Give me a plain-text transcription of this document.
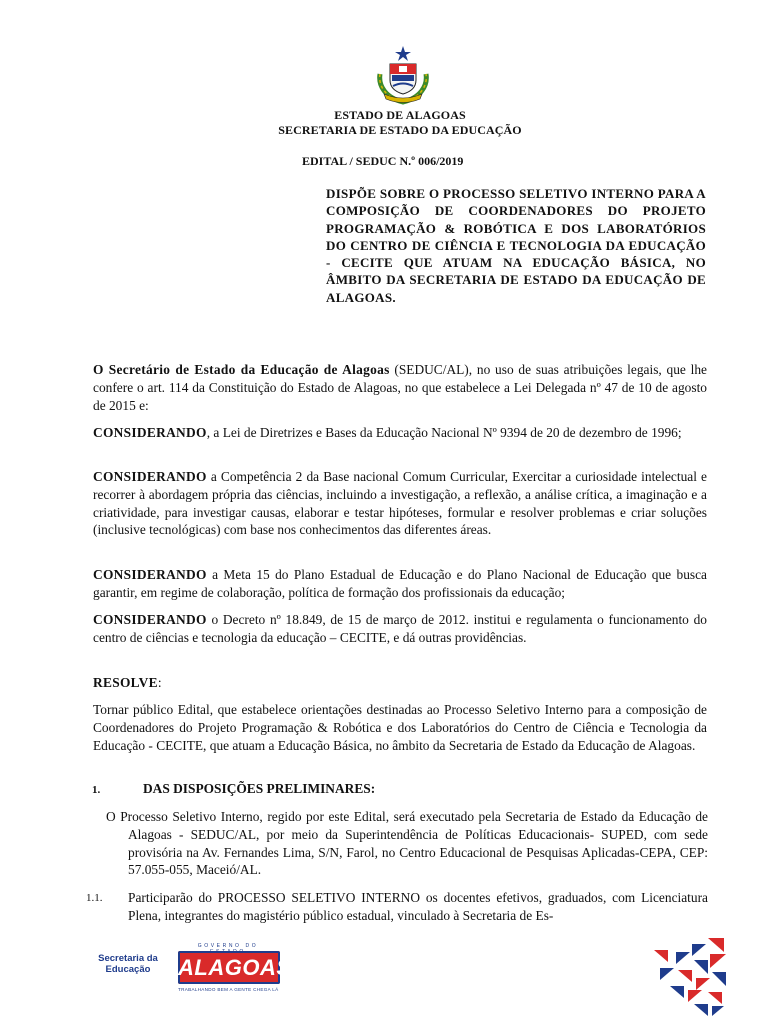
ESTADO DE ALAGOAS
SECRETARIA DE ESTADO DA EDUCAÇÃO
EDITAL / SEDUC N.º 006/2019
DISPÕE SOBRE O PROCESSO SELETIVO INTERNO PARA A COMPOSIÇÃO DE COORDENADORES DO PROJETO PROGRAMAÇÃO & ROBÓTICA E DOS LABORATÓRIOS DO CENTRO DE CIÊNCIA E TECNOLOGIA DA EDUCAÇÃO - CECITE QUE ATUAM NA EDUCAÇÃO BÁSICA, NO ÂMBITO DA SECRETARIA DE ESTADO DA EDUCAÇÃO DE ALAGOAS.
O Secretário de Estado da Educação de Alagoas (SEDUC/AL), no uso de suas atribuições legais, que lhe confere o art. 114 da Constituição do Estado de Alagoas, no que estabelece a Lei Delegada nº 47 de 10 de agosto de 2015 e:
CONSIDERANDO, a Lei de Diretrizes e Bases da Educação Nacional Nº 9394 de 20 de dezembro de 1996;
CONSIDERANDO a Competência 2 da Base nacional Comum Curricular, Exercitar a curiosidade intelectual e recorrer à abordagem própria das ciências, incluindo a investigação, a reflexão, a análise crítica, a imaginação e a criatividade, para investigar causas, elaborar e testar hipóteses, formular e resolver problemas e criar soluções (inclusive tecnológicas) com base nos conhecimentos das diferentes áreas.
CONSIDERANDO a Meta 15 do Plano Estadual de Educação e do Plano Nacional de Educação que busca garantir, em regime de colaboração, política de formação dos profissionais da educação;
CONSIDERANDO o Decreto nº 18.849, de 15 de março de 2012. institui e regulamenta o funcionamento do centro de ciências e tecnologia da educação – CECITE, e dá outras providências.
RESOLVE:
Tornar público Edital, que estabelece orientações destinadas ao Processo Seletivo Interno para a composição de Coordenadores do Projeto Programação & Robótica e dos Laboratórios do Centro de Ciência e Tecnologia da Educação - CECITE, que atuam a Educação Básica, no âmbito da Secretaria de Estado da Educação de Alagoas.
1.	DAS DISPOSIÇÕES PRELIMINARES:
O Processo Seletivo Interno, regido por este Edital, será executado pela Secretaria de Estado da Educação de Alagoas - SEDUC/AL, por meio da Superintendência de Políticas Educacionais- SUPED, com sede provisória na Av. Fernandes Lima, S/N, Farol, no Centro Educacional de Pesquisas Aplicadas-CEPA, CEP: 57.055-055, Maceió/AL.
1.1. Participarão do PROCESSO SELETIVO INTERNO os docentes efetivos, graduados, com Licenciatura Plena, integrantes do magistério público estadual, vinculado à Secretaria de Es-
Secretaria da Educação
GOVERNO DO
ALAGOAS
TRABALHANDO BEM A GENTE CHEGA LÁ
